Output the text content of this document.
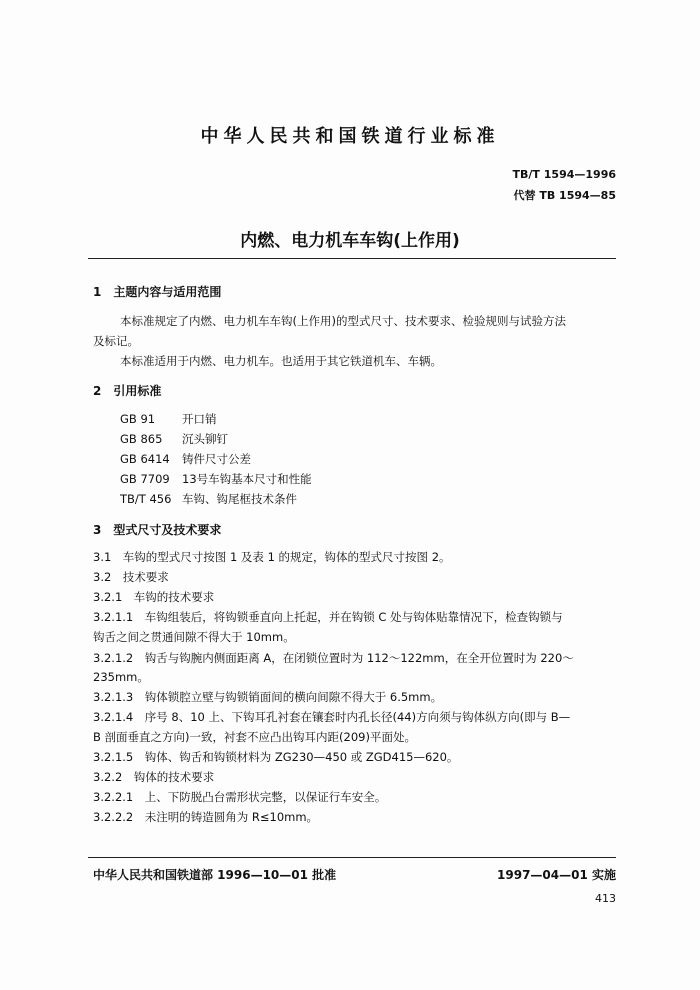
中华人民共和国铁道行业标准
TB/T 1594—1996
代替 TB 1594—85
内燃、电力机车车钩(上作用)
1　主题内容与适用范围
本标准规定了内燃、电力机车车钩(上作用)的型式尺寸、技术要求、检验规则与试验方法
及标记。
本标准适用于内燃、电力机车。也适用于其它铁道机车、车辆。
2　引用标准
GB 91 开口销
GB 865 沉头铆钉
GB 6414 铸件尺寸公差
GB 7709 13号车钩基本尺寸和性能
TB/T 456 车钩、钩尾框技术条件
3　型式尺寸及技术要求
3.1　车钩的型式尺寸按图 1 及表 1 的规定，钩体的型式尺寸按图 2。
3.2　技术要求
3.2.1　车钩的技术要求
3.2.1.1　车钩组装后，将钩锁垂直向上托起，并在钩锁 C 处与钩体贴靠情况下，检查钩锁与
钩舌之间之贯通间隙不得大于 10mm。
3.2.1.2　钩舌与钩腕内侧面距离 A，在闭锁位置时为 112～122mm，在全开位置时为 220～
235mm。
3.2.1.3　钩体锁腔立壁与钩锁销面间的横向间隙不得大于 6.5mm。
3.2.1.4　序号 8、10 上、下钩耳孔衬套在镶套时内孔长径(44)方向须与钩体纵方向(即与 B—
B 剖面垂直之方向)一致，衬套不应凸出钩耳内距(209)平面处。
3.2.1.5　钩体、钩舌和钩锁材料为 ZG230—450 或 ZGD415—620。
3.2.2　钩体的技术要求
3.2.2.1　上、下防脱凸台需形状完整，以保证行车安全。
3.2.2.2　未注明的铸造圆角为 R≤10mm。
中华人民共和国铁道部 1996—10—01 批准	1997—04—01 实施
413
